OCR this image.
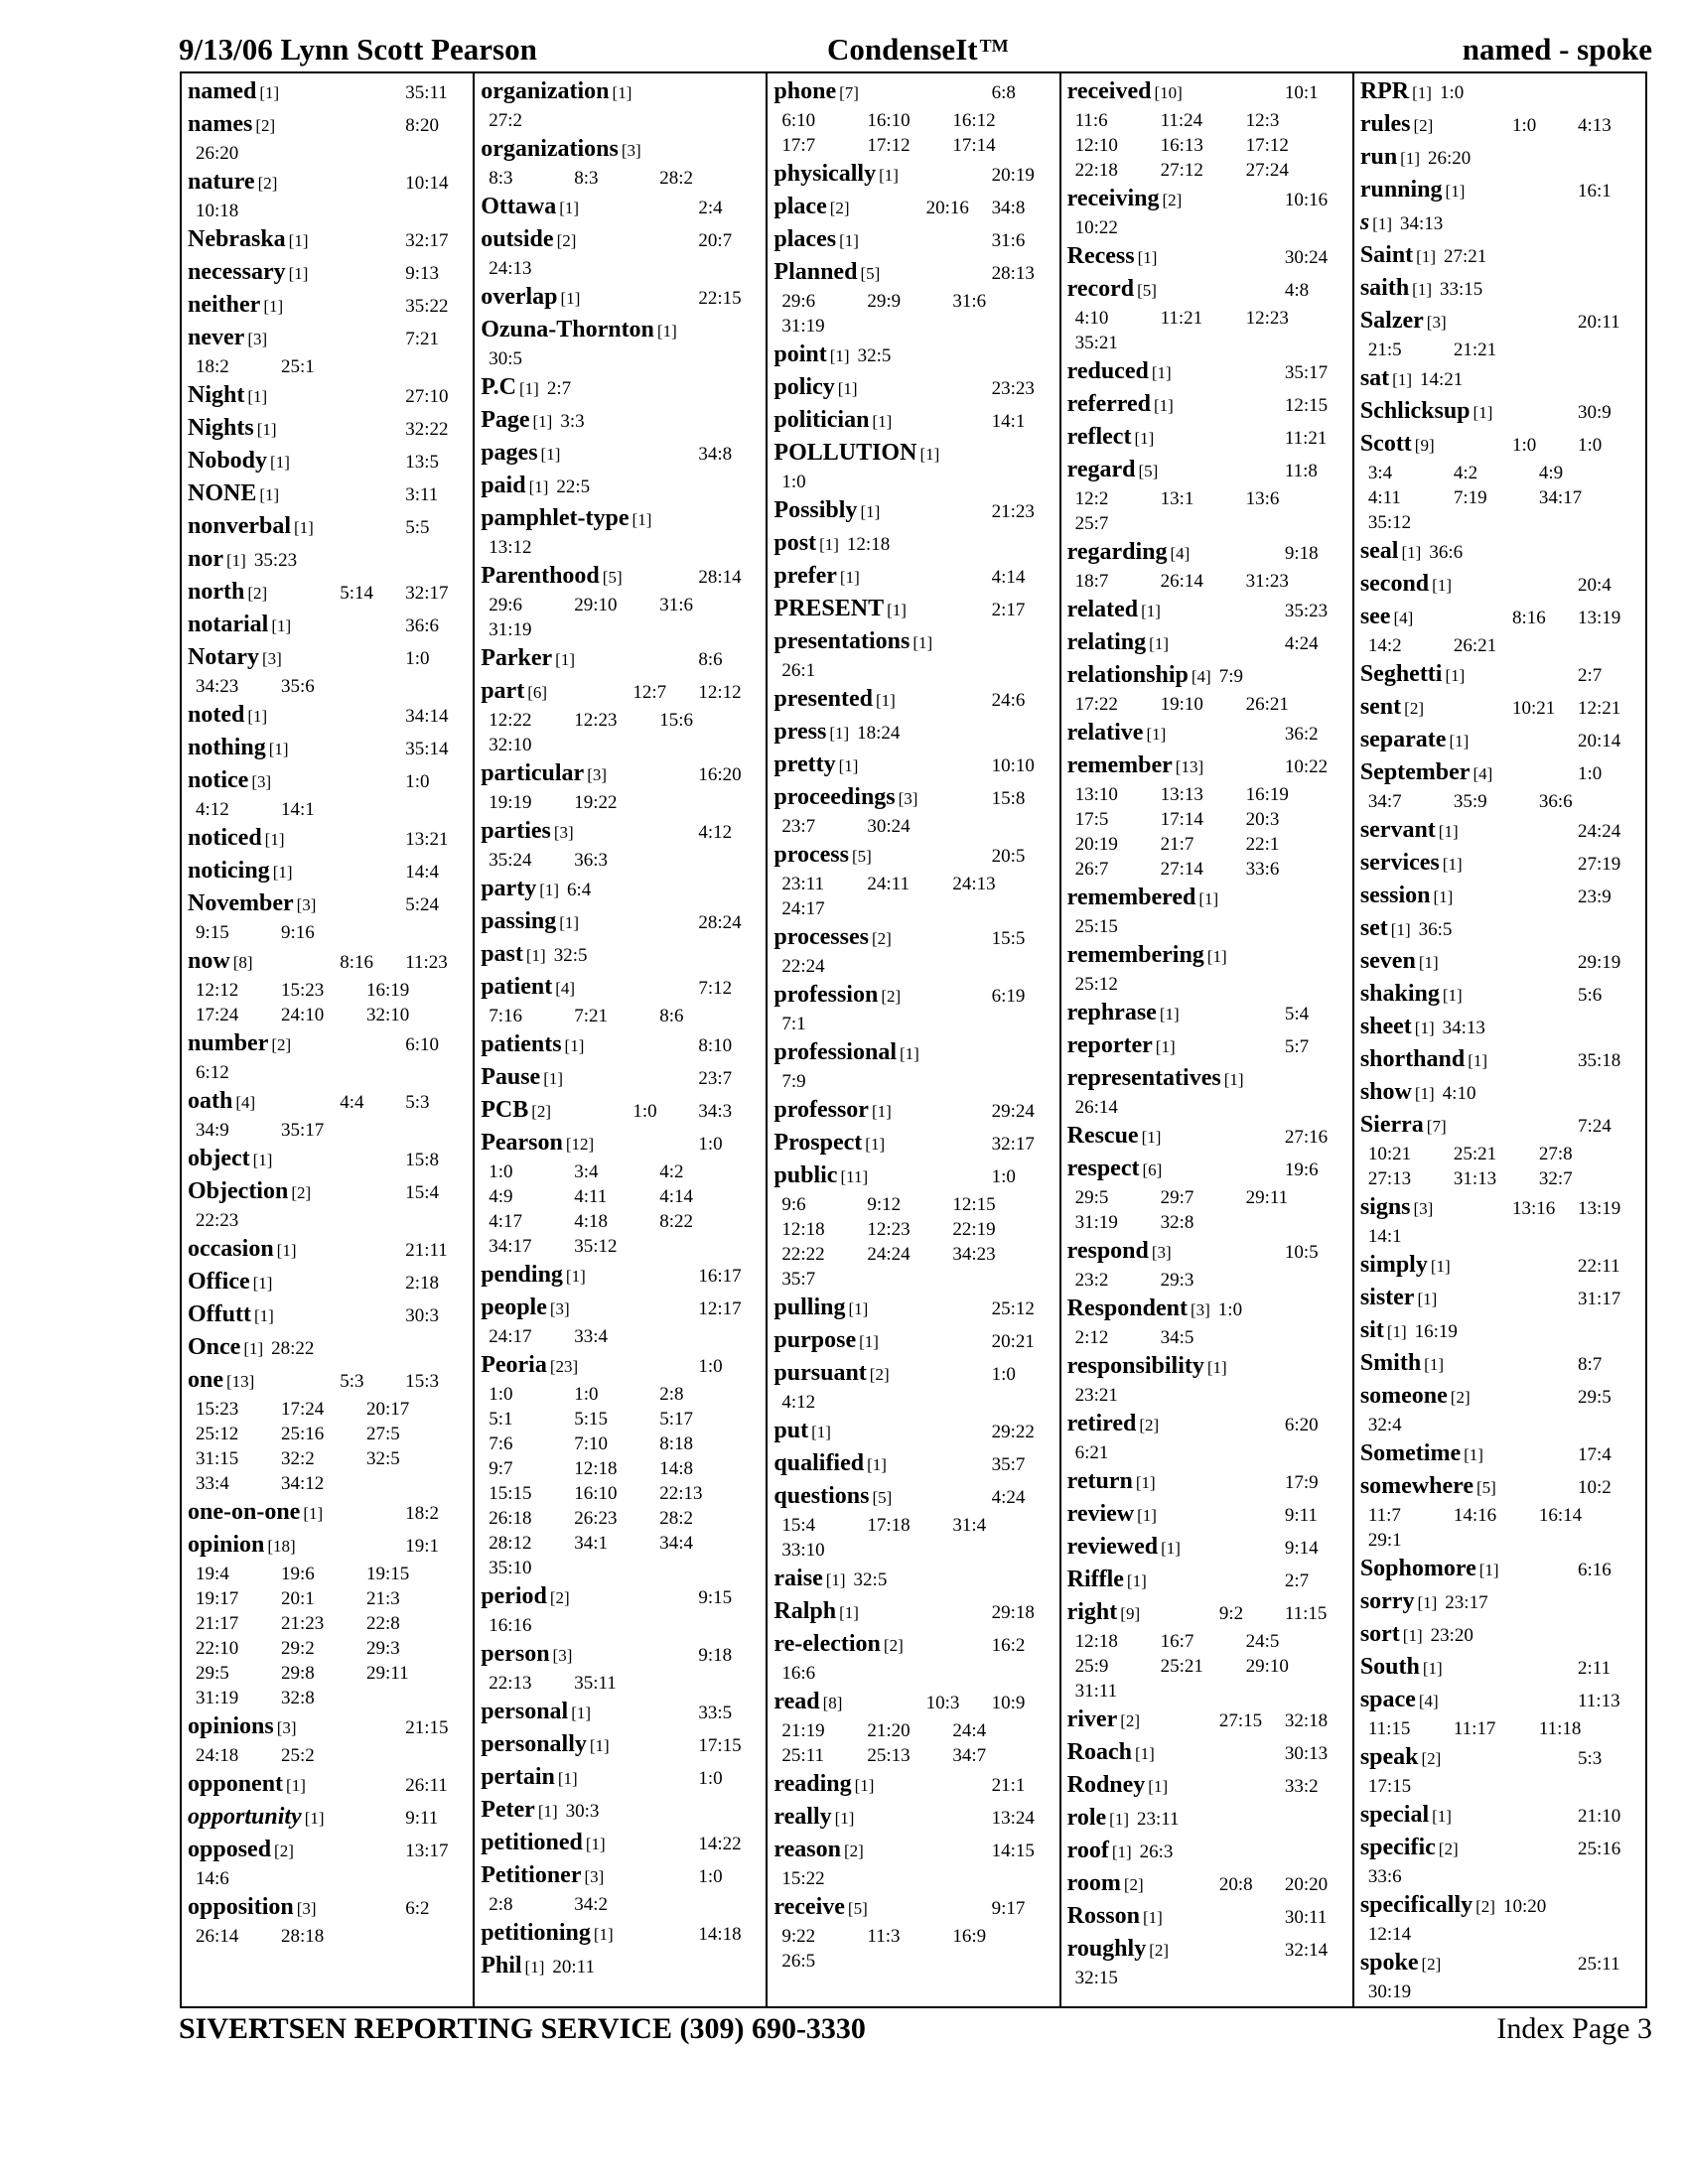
9/13/06 Lynn Scott Pearson	CondenseIt ™	named - spoke
named [1]	35:11
names [2]	8:20
26:20
nature [2]	10:14
10:18
Nebraska [1]	32:17
necessary [1]	9:13
neither [1]	35:22
never [3]	7:21
18:2	25:1
Night [1]	27:10
Nights [1]	32:22
Nobody [1]	13:5
NONE [1]	3:11
nonverbal [1]	5:5
nor [1] 35:23
north [2]	5:14	32:17
notarial [1]	36:6
Notary [3]	1:0
34:23	35:6
noted [1]	34:14
nothing [1]	35:14
notice [3]	1:0
4:12	14:1
noticed [1]	13:21
noticing [1]	14:4
November [3]	5:24
9:15	9:16
now [8]	8:16	11:23
12:12	15:23	16:19
17:24	24:10	32:10
number [2]	6:10
6:12
oath [4]	4:4	5:3
34:9	35:17
object [1]	15:8
Objection [2]	15:4
22:23
occasion [1]	21:11
Office [1]	2:18
Offutt [1]	30:3
Once [1] 28:22
one [13]	5:3	15:3
15:23	17:24	20:17
25:12	25:16	27:5
31:15	32:2	32:5
33:4	34:12
one-on-one [1]	18:2
opinion [18]	19:1
19:4	19:6	19:15
19:17	20:1	21:3
21:17	21:23	22:8
22:10	29:2	29:3
29:5	29:8	29:11
31:19	32:8
opinions [3]	21:15
24:18	25:2
opponent [1]	26:11
opportunity [1]	9:11
opposed [2]	13:17
14:6
opposition [3]	6:2
26:14	28:18
organization [1]
27:2
organizations [3]
8:3	8:3	28:2
Ottawa [1]	2:4
outside [2]	20:7
24:13
overlap [1]	22:15
Ozuna-Thornton [1]
30:5
P.C [1] 2:7
Page [1] 3:3
pages [1]	34:8
paid [1] 22:5
pamphlet-type [1]
13:12
Parenthood [5]	28:14
29:6	29:10	31:6
31:19
Parker [1]	8:6
part [6]	12:7	12:12
12:22	12:23	15:6
32:10
particular [3]	16:20
19:19	19:22
parties [3]	4:12
35:24	36:3
party [1] 6:4
passing [1]	28:24
past [1] 32:5
patient [4]	7:12
7:16	7:21	8:6
patients [1]	8:10
Pause [1]	23:7
PCB [2]	1:0	34:3
Pearson [12]	1:0
1:0	3:4	4:2
4:9	4:11	4:14
4:17	4:18	8:22
34:17	35:12
pending [1]	16:17
people [3]	12:17
24:17	33:4
Peoria [23]	1:0
1:0	1:0	2:8
5:1	5:15	5:17
7:6	7:10	8:18
9:7	12:18	14:8
15:15	16:10	22:13
26:18	26:23	28:2
28:12	34:1	34:4
35:10
period [2]	9:15
16:16
person [3]	9:18
22:13	35:11
personal [1]	33:5
personally [1]	17:15
pertain [1]	1:0
Peter [1] 30:3
petitioned [1]	14:22
Petitioner [3]	1:0
2:8	34:2
petitioning [1]	14:18
Phil [1] 20:11
phone [7]	6:8
6:10	16:10	16:12
17:7	17:12	17:14
physically [1]	20:19
place [2]	20:16	34:8
places [1]	31:6
Planned [5]	28:13
29:6	29:9	31:6
31:19
point [1] 32:5
policy [1]	23:23
politician [1]	14:1
POLLUTION [1]
1:0
Possibly [1]	21:23
post [1] 12:18
prefer [1]	4:14
PRESENT [1]	2:17
presentations [1]
26:1
presented [1]	24:6
press [1] 18:24
pretty [1]	10:10
proceedings [3]	15:8
23:7	30:24
process [5]	20:5
23:11	24:11	24:13
24:17
processes [2]	15:5
22:24
profession [2]	6:19
7:1
professional [1]
7:9
professor [1]	29:24
Prospect [1]	32:17
public [11]	1:0
9:6	9:12	12:15
12:18	12:23	22:19
22:22	24:24	34:23
35:7
pulling [1]	25:12
purpose [1]	20:21
pursuant [2]	1:0
4:12
put [1]	29:22
qualified [1]	35:7
questions [5]	4:24
15:4	17:18	31:4
33:10
raise [1] 32:5
Ralph [1]	29:18
re-election [2]	16:2
16:6
read [8]	10:3	10:9
21:19	21:20	24:4
25:11	25:13	34:7
reading [1]	21:1
really [1]	13:24
reason [2]	14:15
15:22
receive [5]	9:17
9:22	11:3	16:9
26:5
received [10]	10:1
11:6	11:24	12:3
12:10	16:13	17:12
22:18	27:12	27:24
receiving [2]	10:16
10:22
Recess [1]	30:24
record [5]	4:8
4:10	11:21	12:23
35:21
reduced [1]	35:17
referred [1]	12:15
reflect [1]	11:21
regard [5]	11:8
12:2	13:1	13:6
25:7
regarding [4]	9:18
18:7	26:14	31:23
related [1]	35:23
relating [1]	4:24
relationship [4] 7:9
17:22	19:10	26:21
relative [1]	36:2
remember [13]	10:22
13:10	13:13	16:19
17:5	17:14	20:3
20:19	21:7	22:1
26:7	27:14	33:6
remembered [1]
25:15
remembering [1]
25:12
rephrase [1]	5:4
reporter [1]	5:7
representatives [1]
26:14
Rescue [1]	27:16
respect [6]	19:6
29:5	29:7	29:11
31:19	32:8
respond [3]	10:5
23:2	29:3
Respondent [3] 1:0
2:12	34:5
responsibility [1]
23:21
retired [2]	6:20
6:21
return [1]	17:9
review [1]	9:11
reviewed [1]	9:14
Riffle [1]	2:7
right [9]	9:2	11:15
12:18	16:7	24:5
25:9	25:21	29:10
31:11
river [2]	27:15	32:18
Roach [1]	30:13
Rodney [1]	33:2
role [1] 23:11
roof [1] 26:3
room [2]	20:8	20:20
Rosson [1]	30:11
roughly [2]	32:14
32:15
RPR [1] 1:0
rules [2]	1:0	4:13
run [1] 26:20
running [1]	16:1
s [1] 34:13
Saint [1] 27:21
saith [1] 33:15
Salzer [3]	20:11
21:5	21:21
sat [1] 14:21
Schlicksup [1]	30:9
Scott [9]	1:0	1:0
3:4	4:2	4:9
4:11	7:19	34:17
35:12
seal [1] 36:6
second [1]	20:4
see [4]	8:16	13:19
14:2	26:21
Seghetti [1]	2:7
sent [2]	10:21	12:21
separate [1]	20:14
September [4]	1:0
34:7	35:9	36:6
servant [1]	24:24
services [1]	27:19
session [1]	23:9
set [1] 36:5
seven [1]	29:19
shaking [1]	5:6
sheet [1] 34:13
shorthand [1]	35:18
show [1] 4:10
Sierra [7]	7:24
10:21	25:21	27:8
27:13	31:13	32:7
signs [3]	13:16	13:19
14:1
simply [1]	22:11
sister [1]	31:17
sit [1] 16:19
Smith [1]	8:7
someone [2]	29:5
32:4
Sometime [1]	17:4
somewhere [5]	10:2
11:7	14:16	16:14
29:1
Sophomore [1]	6:16
sorry [1] 23:17
sort [1] 23:20
South [1]	2:11
space [4]	11:13
11:15	11:17	11:18
speak [2]	5:3
17:15
special [1]	21:10
specific [2]	25:16
33:6
specifically [2] 10:20
12:14
spoke [2]	25:11
30:19
SIVERTSEN REPORTING SERVICE (309) 690-3330	Index Page 3
